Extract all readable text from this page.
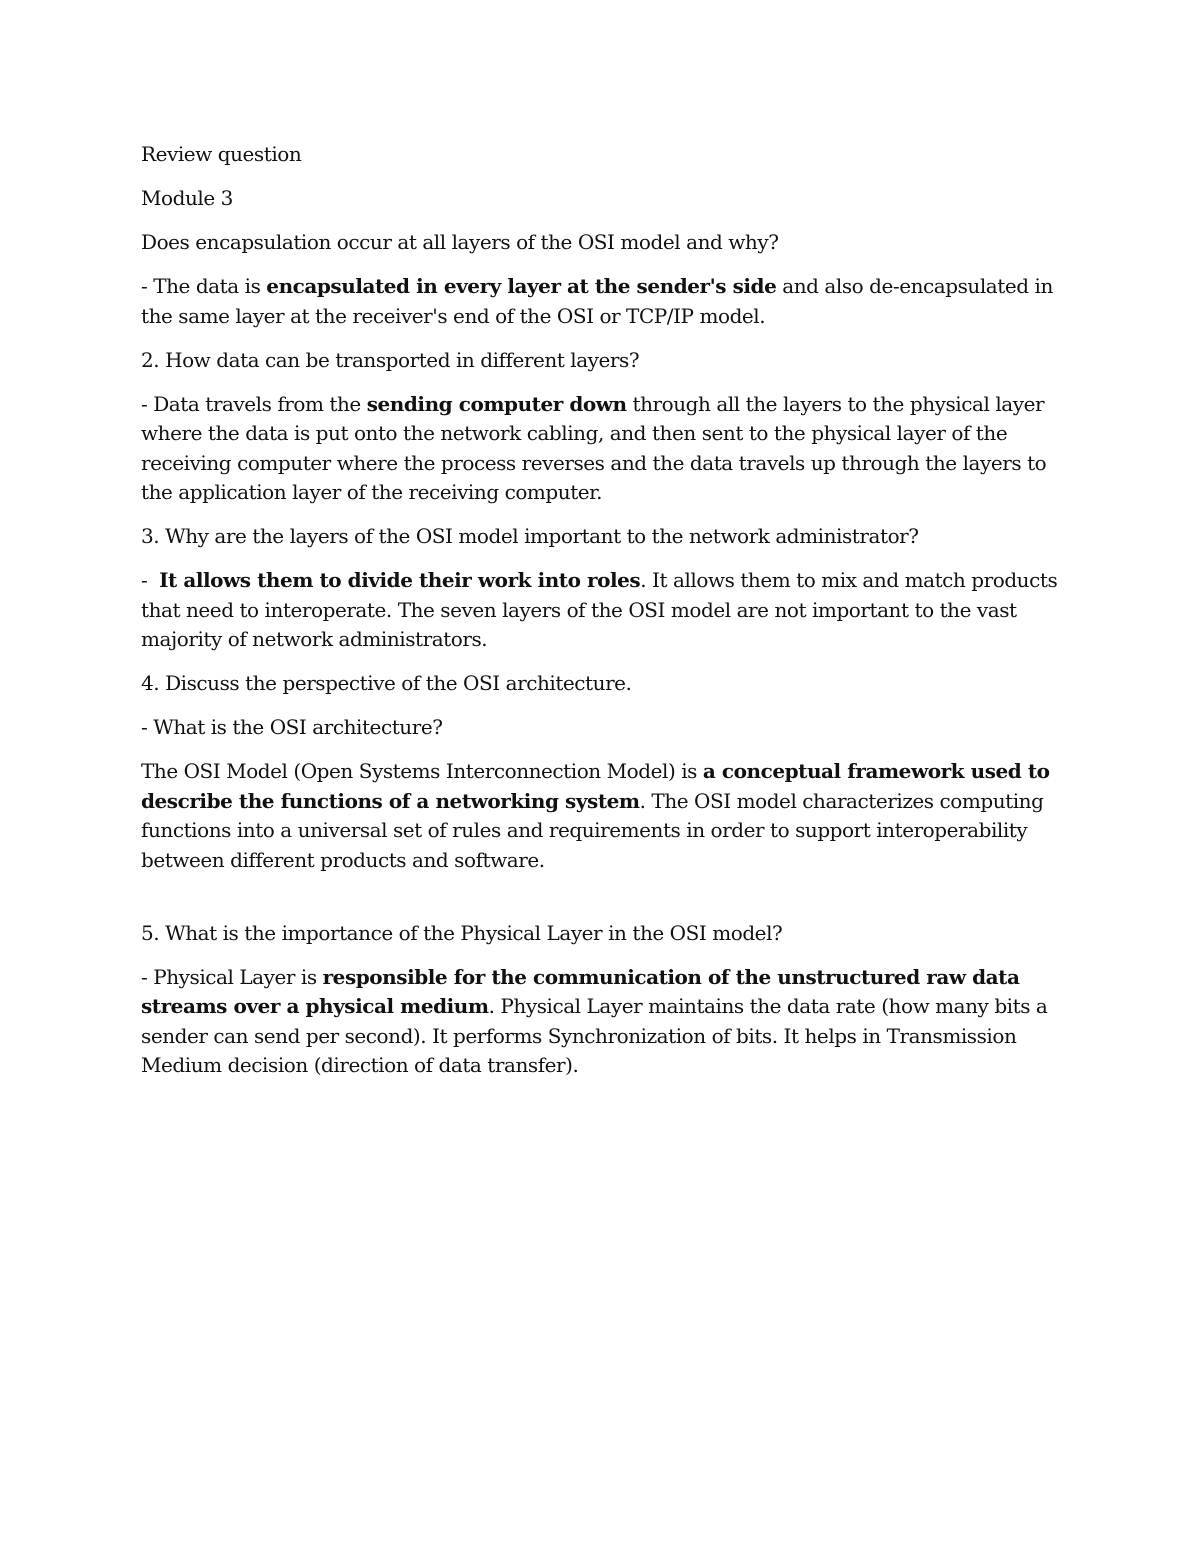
Review question

Module 3

Does encapsulation occur at all layers of the OSI model and why?

- The data is encapsulated in every layer at the sender's side and also de-encapsulated in the same layer at the receiver's end of the OSI or TCP/IP model.

2. How data can be transported in different layers?

- Data travels from the sending computer down through all the layers to the physical layer where the data is put onto the network cabling, and then sent to the physical layer of the receiving computer where the process reverses and the data travels up through the layers to the application layer of the receiving computer.

3. Why are the layers of the OSI model important to the network administrator?

-  It allows them to divide their work into roles. It allows them to mix and match products that need to interoperate. The seven layers of the OSI model are not important to the vast majority of network administrators.

4. Discuss the perspective of the OSI architecture.

- What is the OSI architecture?

The OSI Model (Open Systems Interconnection Model) is a conceptual framework used to describe the functions of a networking system. The OSI model characterizes computing functions into a universal set of rules and requirements in order to support interoperability between different products and software.

5. What is the importance of the Physical Layer in the OSI model?

- Physical Layer is responsible for the communication of the unstructured raw data streams over a physical medium. Physical Layer maintains the data rate (how many bits a sender can send per second). It performs Synchronization of bits. It helps in Transmission Medium decision (direction of data transfer).
